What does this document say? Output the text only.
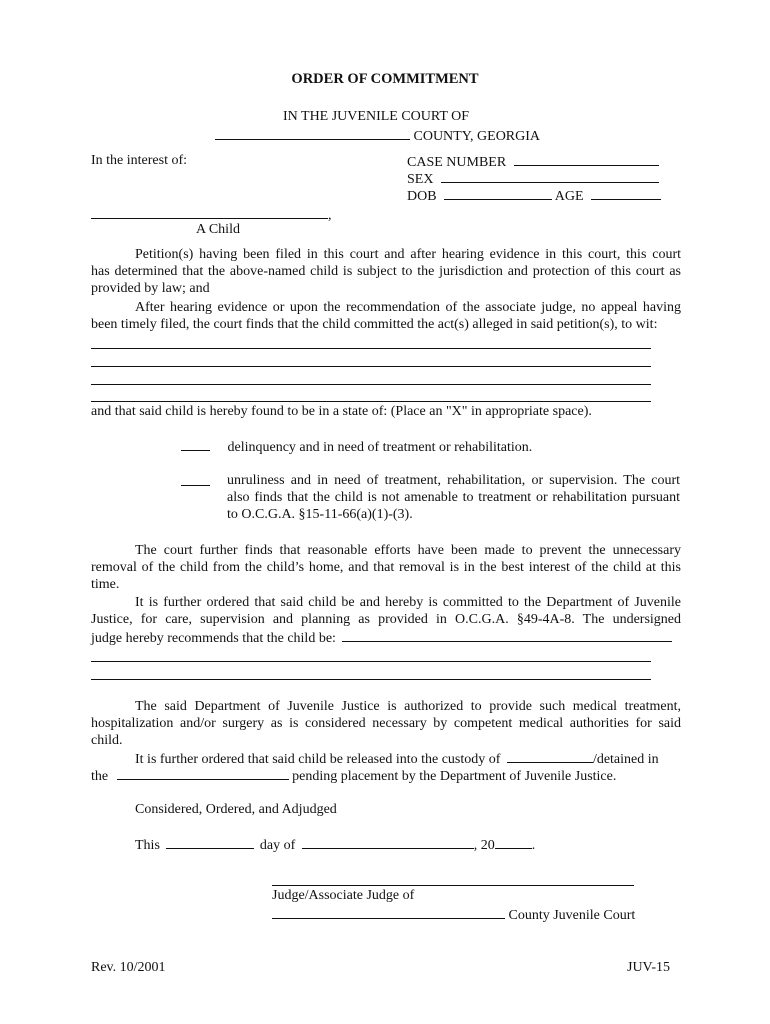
ORDER OF COMMITMENT
IN THE JUVENILE COURT OF
COUNTY, GEORGIA
In the interest of:	CASE NUMBER
SEX
DOB	AGE
,
A Child
Petition(s) having been filed in this court and after hearing evidence in this court, this court
has determined that the above-named child is subject to the jurisdiction and protection of this court as
provided by law; and
After hearing evidence or upon the recommendation of the associate judge, no appeal having
been timely filed, the court finds that the child committed the act(s) alleged in said petition(s), to wit:
and that said child is hereby found to be in a state of: (Place an "X" in appropriate space).
delinquency and in need of treatment or rehabilitation.
unruliness and in need of treatment, rehabilitation, or supervision. The court
also finds that the child is not amenable to treatment or rehabilitation pursuant
to O.C.G.A. §15-11-66(a)(1)-(3).
The court further finds that reasonable efforts have been made to prevent the unnecessary
removal of the child from the child’s home, and that removal is in the best interest of the child at this
time.
It is further ordered that said child be and hereby is committed to the Department of Juvenile
Justice, for care, supervision and planning as provided in O.C.G.A. §49-4A-8. The undersigned
judge hereby recommends that the child be:
The said Department of Juvenile Justice is authorized to provide such medical treatment,
hospitalization and/or surgery as is considered necessary by competent medical authorities for said
child.
It is further ordered that said child be released into the custody of	/detained in
the	pending placement by the Department of Juvenile Justice.
Considered, Ordered, and Adjudged
This	day of	, 20	.
Judge/Associate Judge of
County Juvenile Court
Rev. 10/2001	JUV-15
